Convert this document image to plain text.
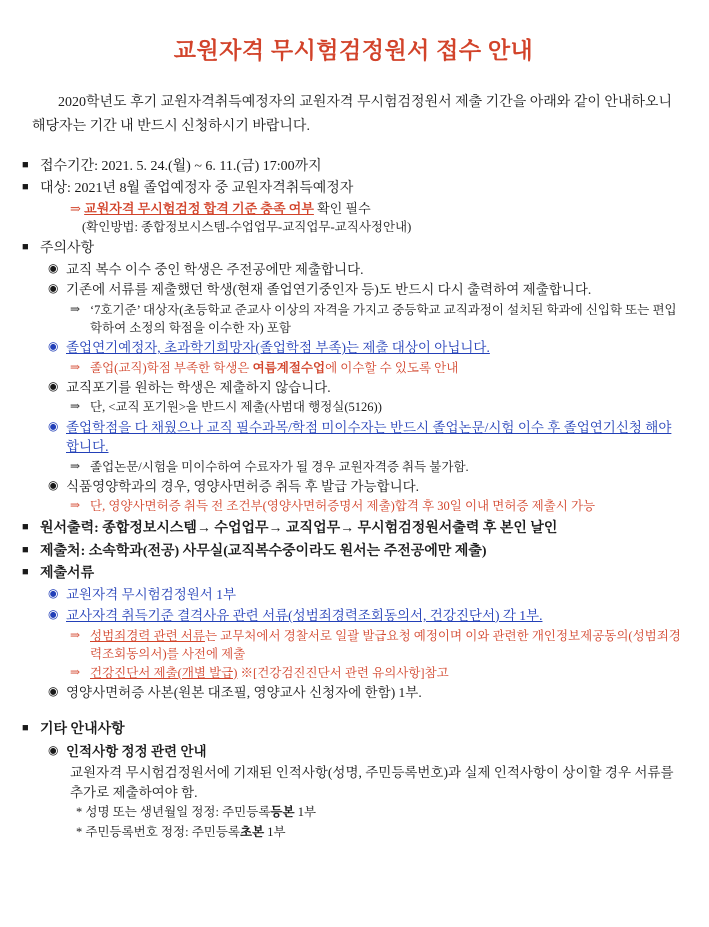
교원자격 무시험검정원서 접수 안내
2020학년도 후기 교원자격취득예정자의 교원자격 무시험검정원서 제출 기간을 아래와 같이 안내하오니 해당자는 기간 내 반드시 신청하시기 바랍니다.
■ 접수기간: 2021. 5. 24.(월) ~ 6. 11.(금) 17:00까지
■ 대상: 2021년 8월 졸업예정자 중 교원자격취득예정자
⇒ 교원자격 무시험검정 합격 기준 충족 여부 확인 필수
(확인방법: 종합정보시스템-수업업무-교직업무-교직사정안내)
■ 주의사항
◉ 교직 복수 이수 중인 학생은 주전공에만 제출합니다.
◉ 기존에 서류를 제출했던 학생(현재 졸업연기중인자 등)도 반드시 다시 출력하여 제출합니다.
⇒ ‘7호기준’ 대상자(초등학교 준교사 이상의 자격을 가지고 중등학교 교직과정이 설치된 학과에 신입학 또는 편입학하여 소정의 학점을 이수한 자) 포함
◉ 졸업연기예정자, 초과학기희망자(졸업학점 부족)는 제출 대상이 아닙니다.
⇒ 졸업(교직)학점 부족한 학생은 여름계절수업에 이수할 수 있도록 안내
◉ 교직포기를 원하는 학생은 제출하지 않습니다.
⇒ 단, <교직 포기원>을 반드시 제출(사범대 행정실(5126))
◉ 졸업학점을 다 채웠으나 교직 필수과목/학점 미이수자는 반드시 졸업논문/시험 이수 후 졸업연기신청 해야 합니다.
⇒ 졸업논문/시험을 미이수하여 수료자가 될 경우 교원자격증 취득 불가함.
◉ 식품영양학과의 경우, 영양사면허증 취득 후 발급 가능합니다.
⇒ 단, 영양사면허증 취득 전 조건부(영양사면허증명서 제출)합격 후 30일 이내 면허증 제출시 가능
■ 원서출력: 종합정보시스템→ 수업업무→ 교직업무→ 무시험검정원서출력 후 본인 날인
■ 제출처: 소속학과(전공) 사무실(교직복수중이라도 원서는 주전공에만 제출)
■ 제출서류
◉ 교원자격 무시험검정원서 1부
◉ 교사자격 취득기준 결격사유 관련 서류(성범죄경력조회동의서, 건강진단서) 각 1부.
⇒ 성범죄경력 관련 서류는 교무처에서 경찰서로 일괄 발급요청 예정이며 이와 관련한 개인정보제공동의(성범죄경력조회동의서)를 사전에 제출
⇒ 건강진단서 제출(개별 발급) ※[건강검진진단서 관련 유의사항]참고
◉ 영양사면허증 사본(원본 대조필, 영양교사 신청자에 한함) 1부.
■ 기타 안내사항
◉ 인적사항 정정 관련 안내
교원자격 무시험검정원서에 기재된 인적사항(성명, 주민등록번호)과 실제 인적사항이 상이할 경우 서류를 추가로 제출하여야 함.
* 성명 또는 생년월일 정정: 주민등록등본 1부
* 주민등록번호 정정: 주민등록초본 1부
